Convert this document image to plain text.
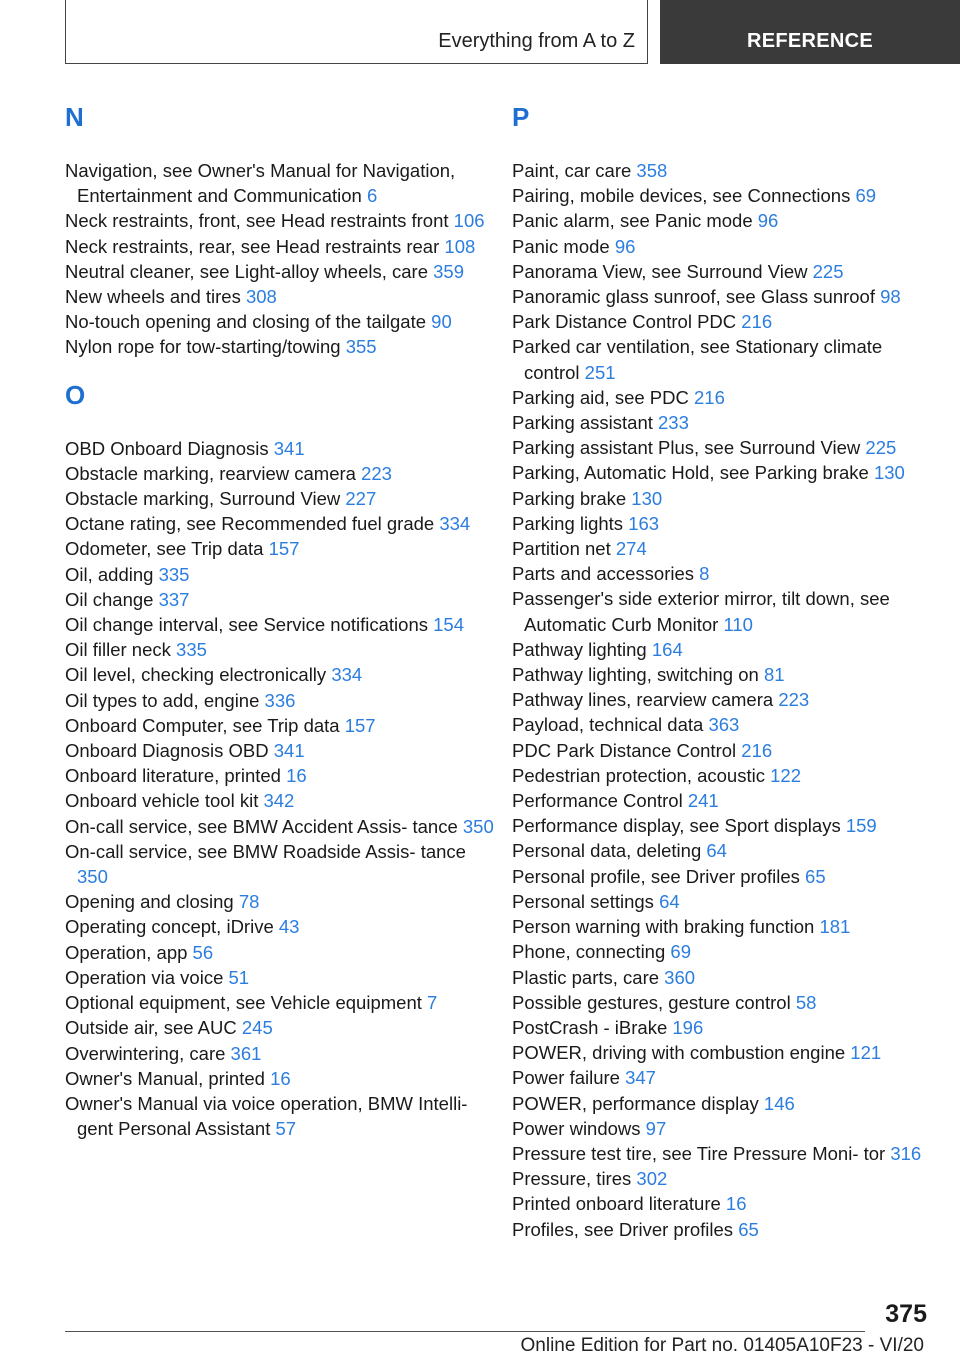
Everything from A to Z	REFERENCE
N
Navigation, see Owner's Manual for Navigation, Entertainment and Communication 6
Neck restraints, front, see Head restraints front 106
Neck restraints, rear, see Head restraints rear 108
Neutral cleaner, see Light-alloy wheels, care 359
New wheels and tires 308
No-touch opening and closing of the tailgate 90
Nylon rope for tow-starting/towing 355
O
OBD Onboard Diagnosis 341
Obstacle marking, rearview camera 223
Obstacle marking, Surround View 227
Octane rating, see Recommended fuel grade 334
Odometer, see Trip data 157
Oil, adding 335
Oil change 337
Oil change interval, see Service notifications 154
Oil filler neck 335
Oil level, checking electronically 334
Oil types to add, engine 336
Onboard Computer, see Trip data 157
Onboard Diagnosis OBD 341
Onboard literature, printed 16
Onboard vehicle tool kit 342
On-call service, see BMW Accident Assis- tance 350
On-call service, see BMW Roadside Assis- tance 350
Opening and closing 78
Operating concept, iDrive 43
Operation, app 56
Operation via voice 51
Optional equipment, see Vehicle equipment 7
Outside air, see AUC 245
Overwintering, care 361
Owner's Manual, printed 16
Owner's Manual via voice operation, BMW Intelli- gent Personal Assistant 57
P
Paint, car care 358
Pairing, mobile devices, see Connections 69
Panic alarm, see Panic mode 96
Panic mode 96
Panorama View, see Surround View 225
Panoramic glass sunroof, see Glass sunroof 98
Park Distance Control PDC 216
Parked car ventilation, see Stationary climate control 251
Parking aid, see PDC 216
Parking assistant 233
Parking assistant Plus, see Surround View 225
Parking, Automatic Hold, see Parking brake 130
Parking brake 130
Parking lights 163
Partition net 274
Parts and accessories 8
Passenger's side exterior mirror, tilt down, see Automatic Curb Monitor 110
Pathway lighting 164
Pathway lighting, switching on 81
Pathway lines, rearview camera 223
Payload, technical data 363
PDC Park Distance Control 216
Pedestrian protection, acoustic 122
Performance Control 241
Performance display, see Sport displays 159
Personal data, deleting 64
Personal profile, see Driver profiles 65
Personal settings 64
Person warning with braking function 181
Phone, connecting 69
Plastic parts, care 360
Possible gestures, gesture control 58
PostCrash - iBrake 196
POWER, driving with combustion engine 121
Power failure 347
POWER, performance display 146
Power windows 97
Pressure test tire, see Tire Pressure Moni- tor 316
Pressure, tires 302
Printed onboard literature 16
Profiles, see Driver profiles 65
375
Online Edition for Part no. 01405A10F23 - VI/20
